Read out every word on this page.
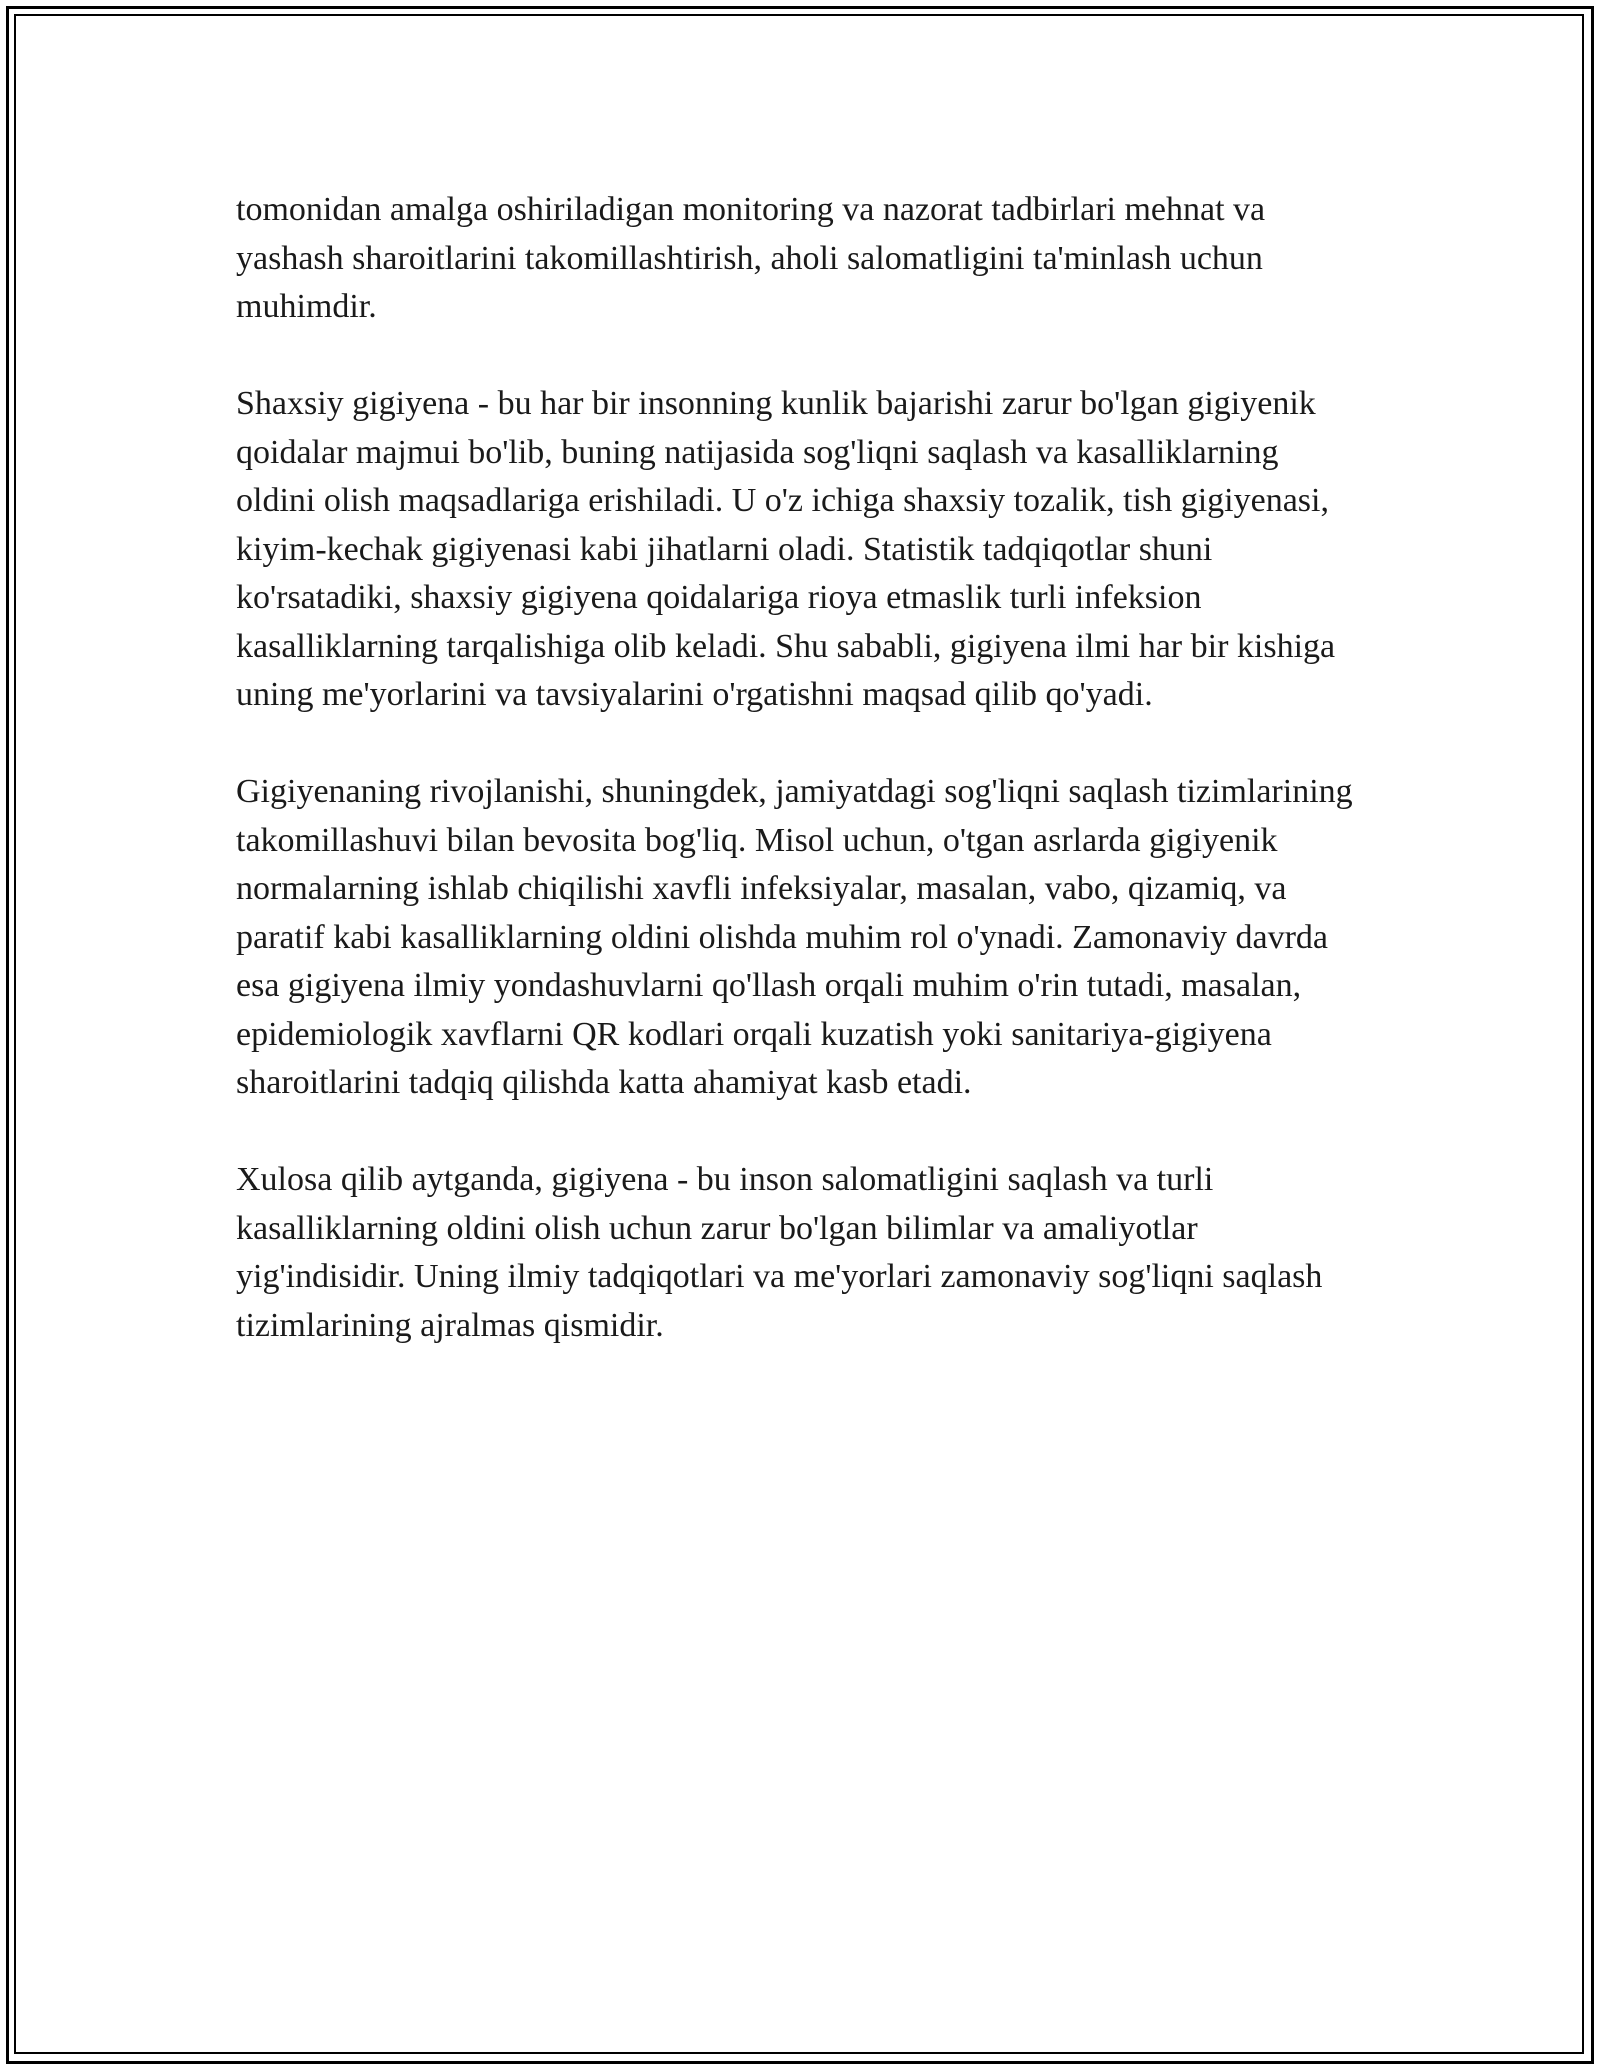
tomonidan amalga oshiriladigan monitoring va nazorat tadbirlari mehnat va yashash sharoitlarini takomillashtirish, aholi salomatligini ta'minlash uchun muhimdir.

Shaxsiy gigiyena - bu har bir insonning kunlik bajarishi zarur bo'lgan gigiyenik qoidalar majmui bo'lib, buning natijasida sog'liqni saqlash va kasalliklarning oldini olish maqsadlariga erishiladi. U o'z ichiga shaxsiy tozalik, tish gigiyenasi, kiyim-kechak gigiyenasi kabi jihatlarni oladi. Statistik tadqiqotlar shuni ko'rsatadiki, shaxsiy gigiyena qoidalariga rioya etmaslik turli infeksion kasalliklarning tarqalishiga olib keladi. Shu sababli, gigiyena ilmi har bir kishiga uning me'yorlarini va tavsiyalarini o'rgatishni maqsad qilib qo'yadi.

Gigiyenaning rivojlanishi, shuningdek, jamiyatdagi sog'liqni saqlash tizimlarining takomillashuvi bilan bevosita bog'liq. Misol uchun, o'tgan asrlarda gigiyenik normalarning ishlab chiqilishi xavfli infeksiyalar, masalan, vabo, qizamiq, va paratif kabi kasalliklarning oldini olishda muhim rol o'ynadi. Zamonaviy davrda esa gigiyena ilmiy yondashuvlarni qo'llash orqali muhim o'rin tutadi, masalan, epidemiologik xavflarni QR kodlari orqali kuzatish yoki sanitariya-gigiyena sharoitlarini tadqiq qilishda katta ahamiyat kasb etadi.

Xulosa qilib aytganda, gigiyena - bu inson salomatligini saqlash va turli kasalliklarning oldini olish uchun zarur bo'lgan bilimlar va amaliyotlar yig'indisidir. Uning ilmiy tadqiqotlari va me'yorlari zamonaviy sog'liqni saqlash tizimlarining ajralmas qismidir.
